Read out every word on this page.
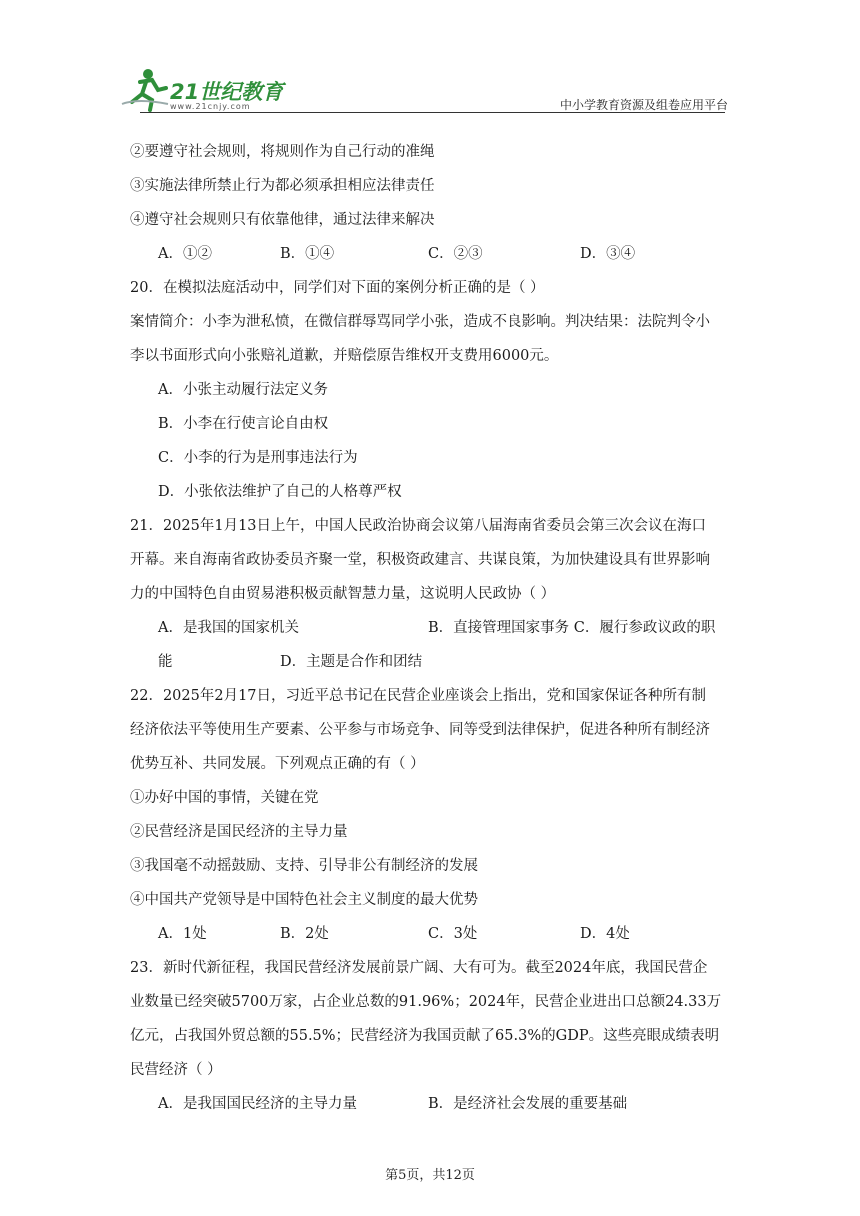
21世纪教育
www.21cnjy.com	中小学教育资源及组卷应用平台
②要遵守社会规则，将规则作为自己行动的准绳
③实施法律所禁止行为都必须承担相应法律责任
④遵守社会规则只有依靠他律，通过法律来解决
A．①②	B．①④	C．②③	D．③④
20．在模拟法庭活动中，同学们对下面的案例分析正确的是（ ）
案情简介：小李为泄私愤，在微信群辱骂同学小张，造成不良影响。判决结果：法院判令小
李以书面形式向小张赔礼道歉，并赔偿原告维权开支费用6000元。
A．小张主动履行法定义务
B．小李在行使言论自由权
C．小李的行为是刑事违法行为
D．小张依法维护了自己的人格尊严权
21．2025年1月13日上午，中国人民政治协商会议第八届海南省委员会第三次会议在海口
开幕。来自海南省政协委员齐聚一堂，积极资政建言、共谋良策，为加快建设具有世界影响
力的中国特色自由贸易港积极贡献智慧力量，这说明人民政协（ ）
A．是我国的国家机关	B．直接管理国家事务 C．履行参政议政的职
能	D．主题是合作和团结
22．2025年2月17日，习近平总书记在民营企业座谈会上指出，党和国家保证各种所有制
经济依法平等使用生产要素、公平参与市场竞争、同等受到法律保护，促进各种所有制经济
优势互补、共同发展。下列观点正确的有（ ）
①办好中国的事情，关键在党
②民营经济是国民经济的主导力量
③我国毫不动摇鼓励、支持、引导非公有制经济的发展
④中国共产党领导是中国特色社会主义制度的最大优势
A．1处	B．2处	C．3处	D．4处
23．新时代新征程，我国民营经济发展前景广阔、大有可为。截至2024年底，我国民营企
业数量已经突破5700万家，占企业总数的91.96%；2024年，民营企业进出口总额24.33万
亿元，占我国外贸总额的55.5%；民营经济为我国贡献了65.3%的GDP。这些亮眼成绩表明
民营经济（ ）
A．是我国国民经济的主导力量	B．是经济社会发展的重要基础
第5页，共12页
